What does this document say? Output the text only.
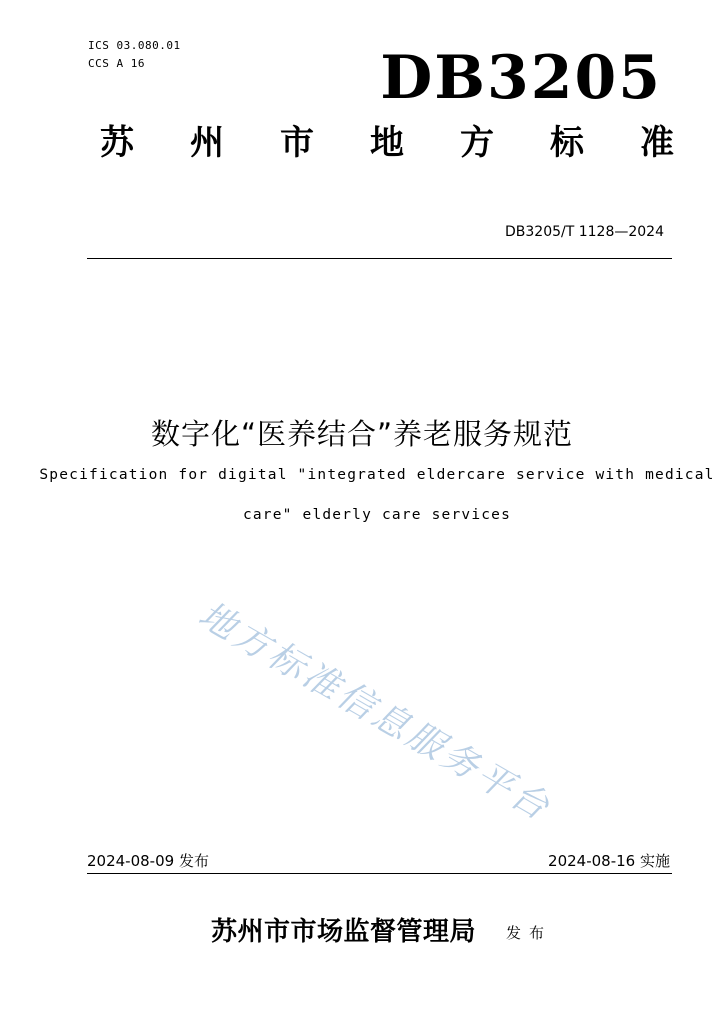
ICS 03.080.01
CCS A 16	DB3205
苏 州 市 地 方 标 准
DB3205/T 1128—2024
数字化“医养结合”养老服务规范
Specification for digital "integrated eldercare service with medical
care" elderly care services
地方标准信息服务平台
2024-08-09 发布	2024-08-16 实施
苏州市市场监督管理局 发布
